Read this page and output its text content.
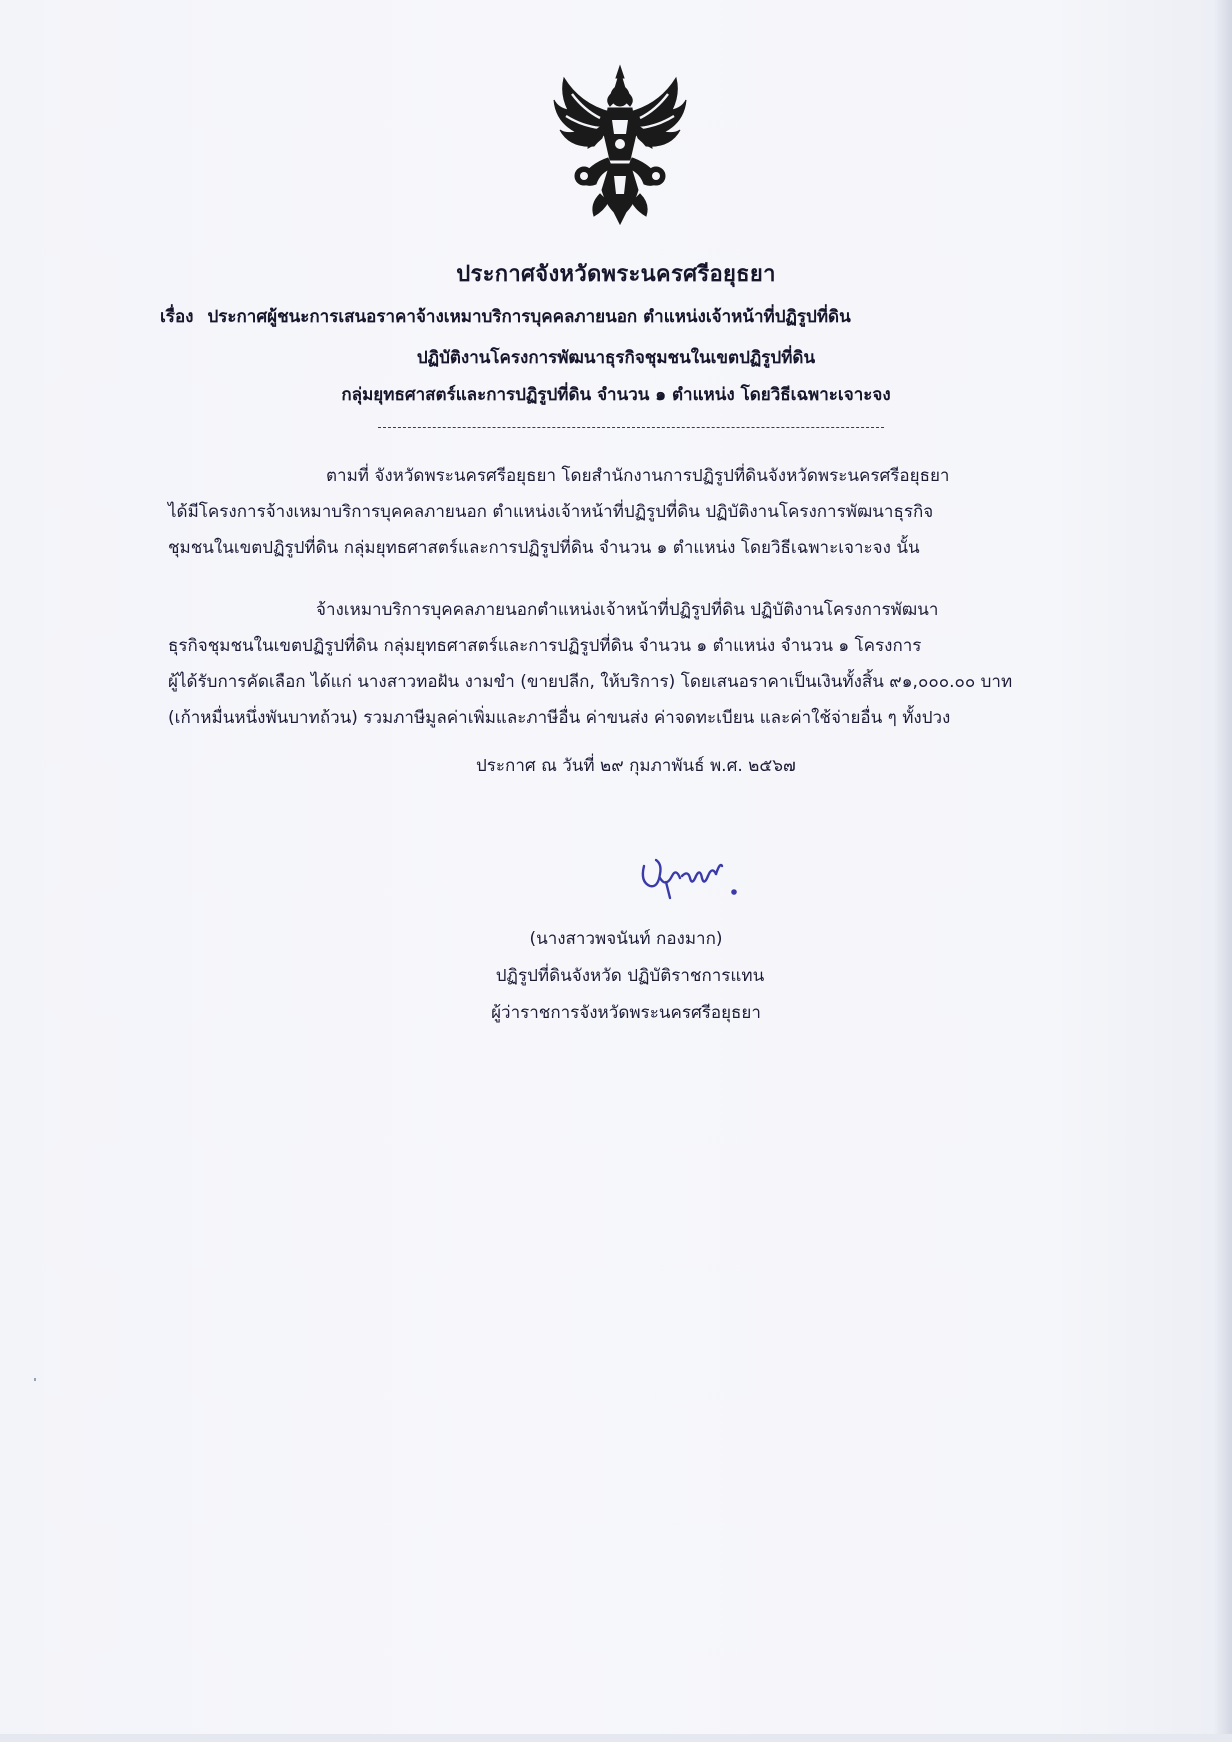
ประกาศจังหวัดพระนครศรีอยุธยา
เรื่อง ประกาศผู้ชนะการเสนอราคาจ้างเหมาบริการบุคคลภายนอก ตำแหน่งเจ้าหน้าที่ปฏิรูปที่ดิน
ปฏิบัติงานโครงการพัฒนาธุรกิจชุมชนในเขตปฏิรูปที่ดิน
กลุ่มยุทธศาสตร์และการปฏิรูปที่ดิน จำนวน ๑ ตำแหน่ง โดยวิธีเฉพาะเจาะจง
ตามที่ จังหวัดพระนครศรีอยุธยา โดยสำนักงานการปฏิรูปที่ดินจังหวัดพระนครศรีอยุธยา
ได้มีโครงการจ้างเหมาบริการบุคคลภายนอก ตำแหน่งเจ้าหน้าที่ปฏิรูปที่ดิน ปฏิบัติงานโครงการพัฒนาธุรกิจ
ชุมชนในเขตปฏิรูปที่ดิน กลุ่มยุทธศาสตร์และการปฏิรูปที่ดิน จำนวน ๑ ตำแหน่ง โดยวิธีเฉพาะเจาะจง นั้น
จ้างเหมาบริการบุคคลภายนอกตำแหน่งเจ้าหน้าที่ปฏิรูปที่ดิน ปฏิบัติงานโครงการพัฒนา
ธุรกิจชุมชนในเขตปฏิรูปที่ดิน กลุ่มยุทธศาสตร์และการปฏิรูปที่ดิน จำนวน ๑ ตำแหน่ง จำนวน ๑ โครงการ
ผู้ได้รับการคัดเลือก ได้แก่ นางสาวทอฝัน งามขำ (ขายปลีก, ให้บริการ) โดยเสนอราคาเป็นเงินทั้งสิ้น ๙๑,๐๐๐.๐๐ บาท
(เก้าหมื่นหนึ่งพันบาทถ้วน) รวมภาษีมูลค่าเพิ่มและภาษีอื่น ค่าขนส่ง ค่าจดทะเบียน และค่าใช้จ่ายอื่น ๆ ทั้งปวง
ประกาศ ณ วันที่ ๒๙ กุมภาพันธ์ พ.ศ. ๒๕๖๗
(นางสาวพจนันท์ กองมาก)
ปฏิรูปที่ดินจังหวัด ปฏิบัติราชการแทน
ผู้ว่าราชการจังหวัดพระนครศรีอยุธยา
